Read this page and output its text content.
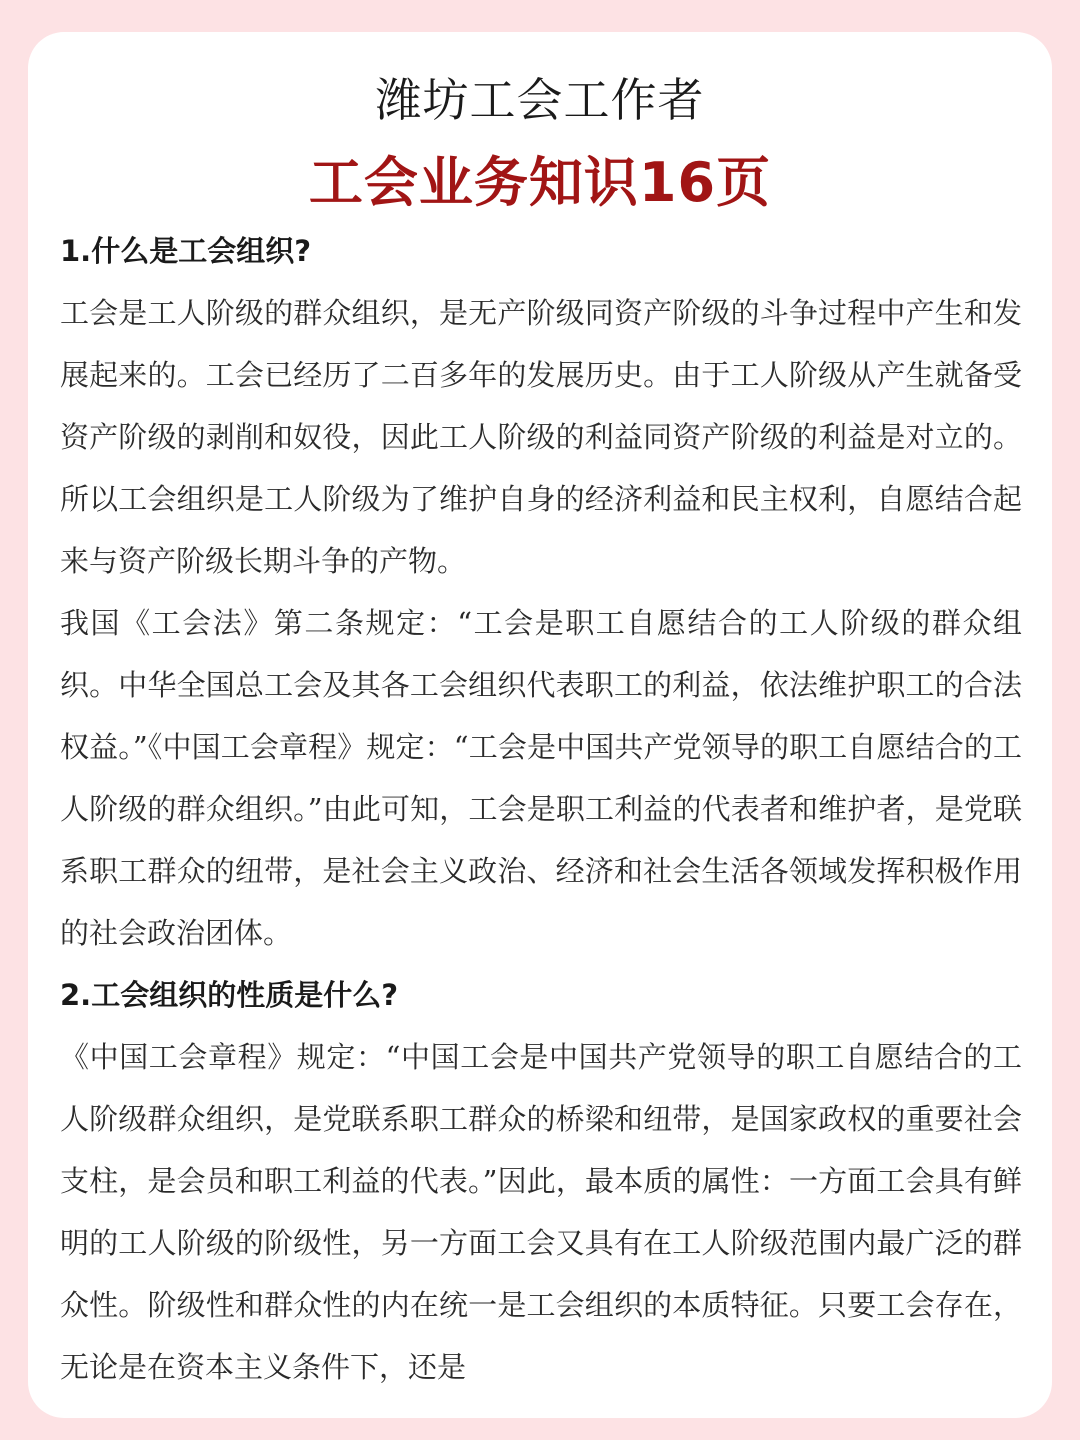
潍坊工会工作者
工会业务知识16页
1.什么是工会组织?
工会是工人阶级的群众组织，是无产阶级同资产阶级的斗争过程中产生和发展起来的。工会已经历了二百多年的发展历史。由于工人阶级从产生就备受资产阶级的剥削和奴役，因此工人阶级的利益同资产阶级的利益是对立的。 所以工会组织是工人阶级为了维护自身的经济利益和民主权利，自愿结合起来与资产阶级长期斗争的产物。
我国《工会法》第二条规定：“工会是职工自愿结合的工人阶级的群众组织。中华全国总工会及其各工会组织代表职工的利益，依法维护职工的合法权益。”《中国工会章程》规定：“工会是中国共产党领导的职工自愿结合的工人阶级的群众组织。”由此可知，工会是职工利益的代表者和维护者，是党联系职工群众的纽带，是社会主义政治、经济和社会生活各领域发挥积极作用的社会政治团体。
2.工会组织的性质是什么?
《中国工会章程》规定：“中国工会是中国共产党领导的职工自愿结合的工人阶级群众组织，是党联系职工群众的桥梁和纽带，是国家政权的重要社会支柱，是会员和职工利益的代表。”因此，最本质的属性：一方面工会具有鲜明的工人阶级的阶级性，另一方面工会又具有在工人阶级范围内最广泛的群众性。阶级性和群众性的内在统一是工会组织的本质特征。只要工会存在，无论是在资本主义条件下，还是
